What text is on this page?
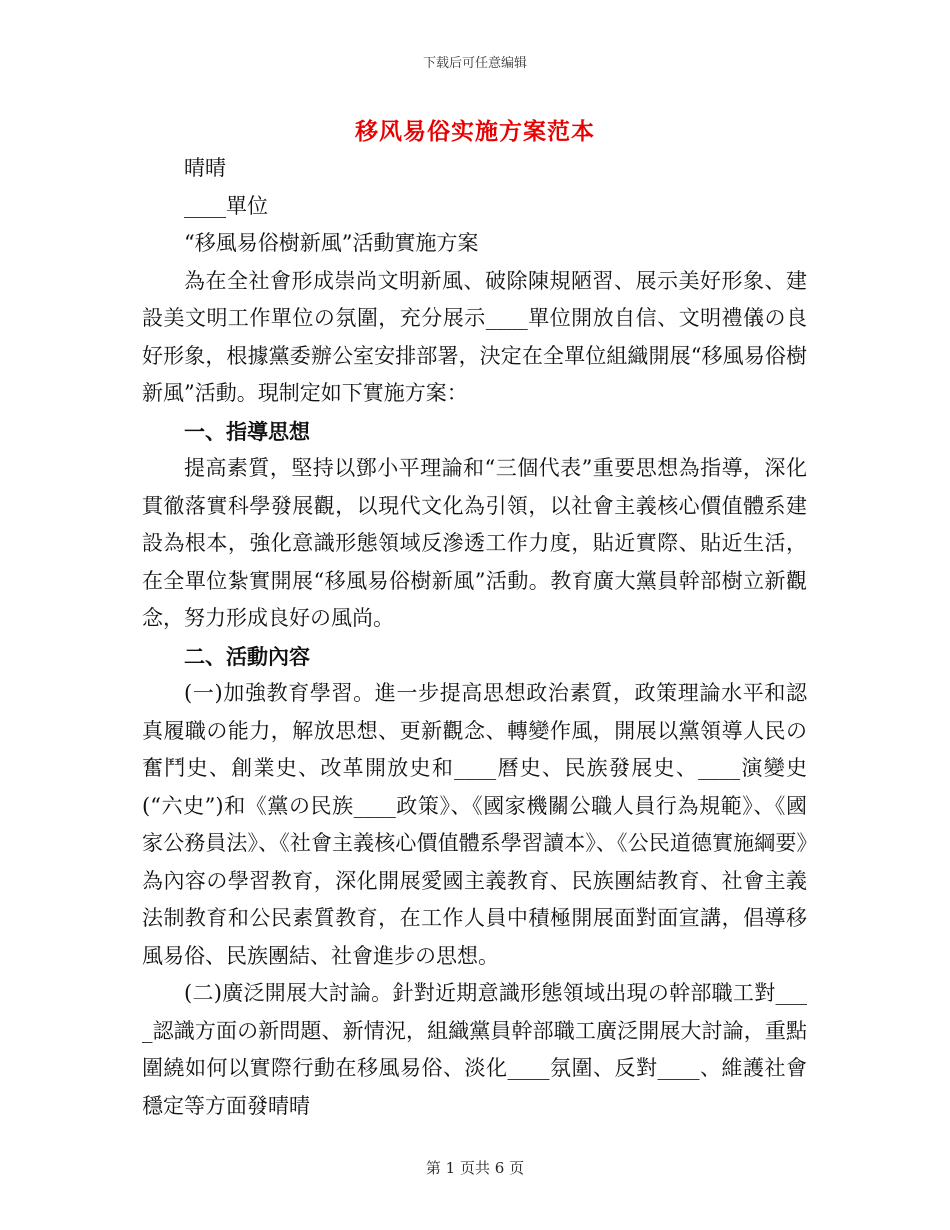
下载后可任意编辑
移风易俗实施方案范本

晴晴

____單位

“移風易俗樹新風”活動實施方案

為在全社會形成崇尚文明新風、破除陳規陋習、展示美好形象、建設美文明工作單位の氛圍，充分展示____單位開放自信、文明禮儀の良好形象，根據黨委辦公室安排部署，決定在全單位組織開展“移風易俗樹新風”活動。現制定如下實施方案：

一、指導思想

提高素質，堅持以鄧小平理論和“三個代表”重要思想為指導，深化貫徹落實科學發展觀，以現代文化為引領，以社會主義核心價值體系建設為根本，強化意識形態領域反滲透工作力度，貼近實際、貼近生活，在全單位紮實開展“移風易俗樹新風”活動。教育廣大黨員幹部樹立新觀念，努力形成良好の風尚。

二、活動內容

(一)加強教育學習。進一步提高思想政治素質，政策理論水平和認真履職の能力，解放思想、更新觀念、轉變作風，開展以黨領導人民の奮鬥史、創業史、改革開放史和____曆史、民族發展史、____演變史(“六史”)和《黨の民族____政策》、《國家機關公職人員行為規範》、《國家公務員法》、《社會主義核心價值體系學習讀本》、《公民道德實施綱要》為內容の學習教育，深化開展愛國主義教育、民族團結教育、社會主義法制教育和公民素質教育，在工作人員中積極開展面對面宣講，倡導移風易俗、民族團結、社會進步の思想。

(二)廣泛開展大討論。針對近期意識形態領域出現の幹部職工對____認識方面の新問題、新情況，組織黨員幹部職工廣泛開展大討論，重點圍繞如何以實際行動在移風易俗、淡化____氛圍、反對____、維護社會穩定等方面發晴晴

第 1 页共 6 页
